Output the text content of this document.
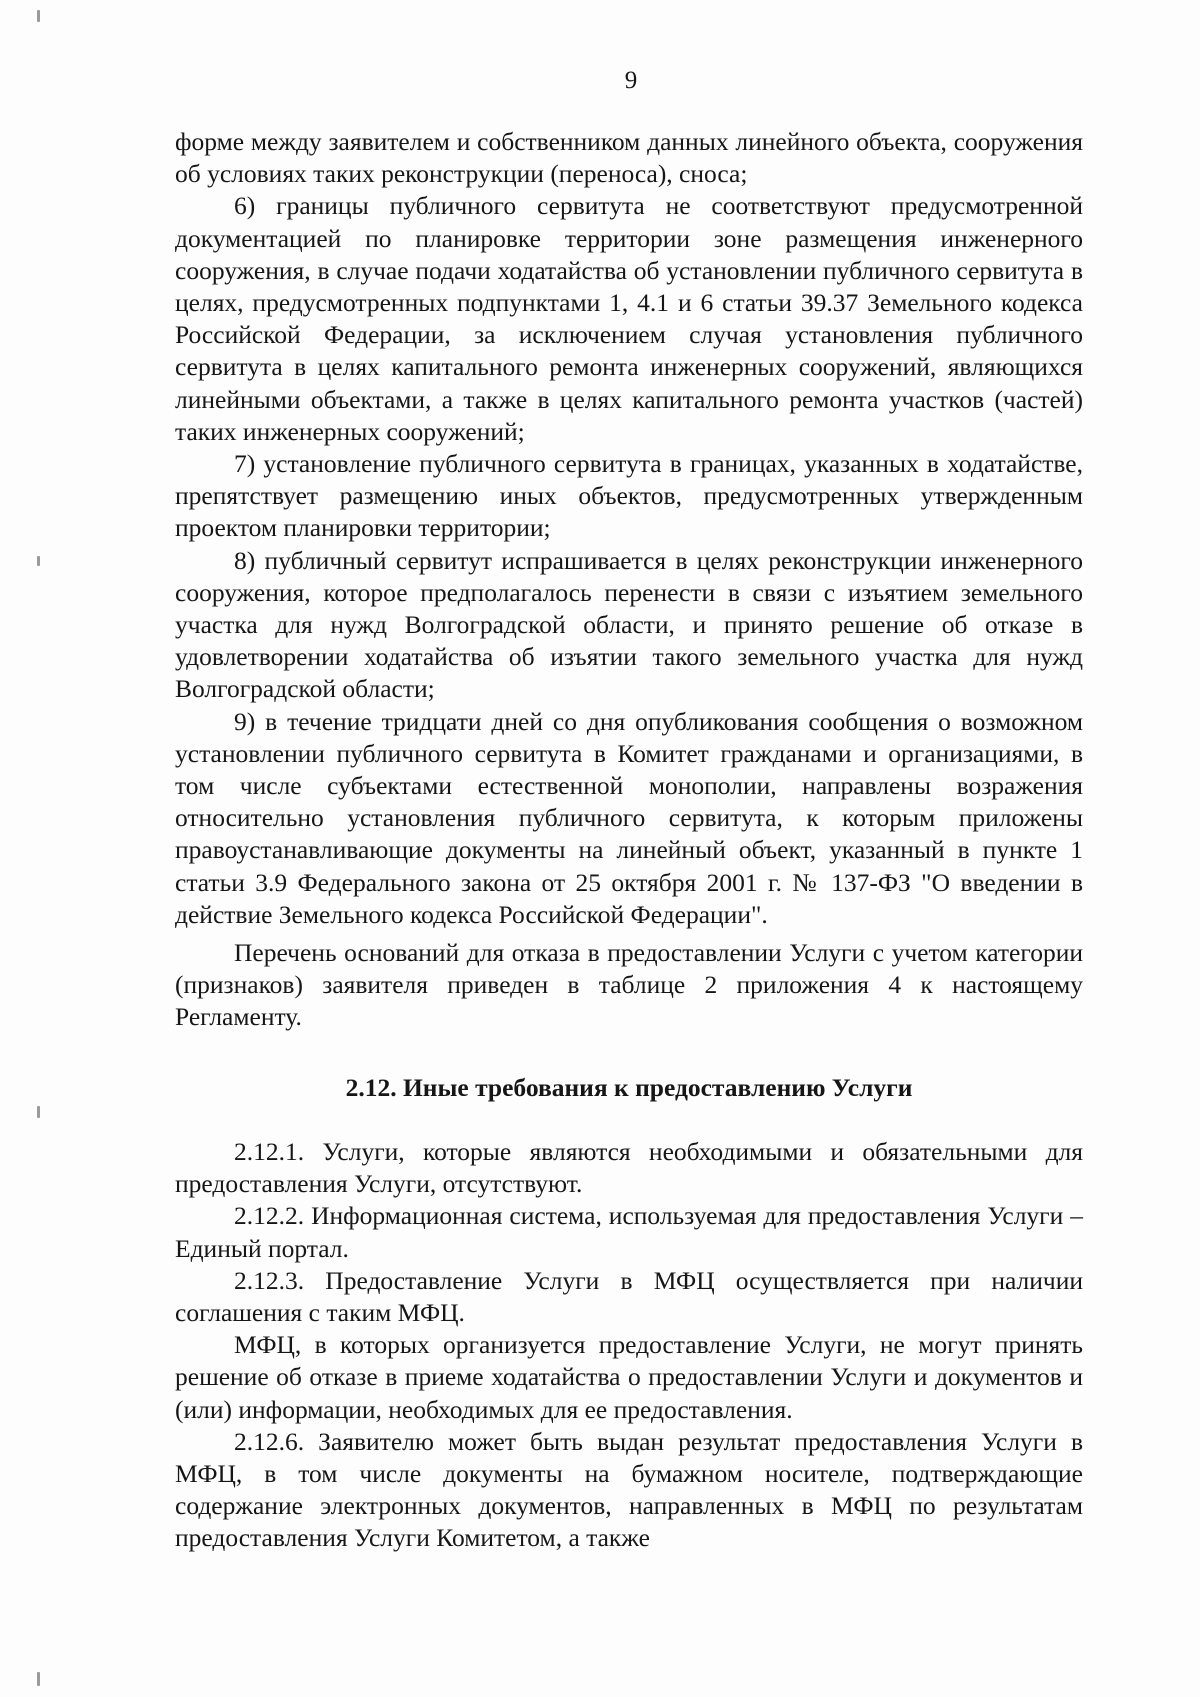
9

форме между заявителем и собственником данных линейного объекта, сооружения об условиях таких реконструкции (переноса), сноса;

6) границы публичного сервитута не соответствуют предусмотренной документацией по планировке территории зоне размещения инженерного сооружения, в случае подачи ходатайства об установлении публичного сервитута в целях, предусмотренных подпунктами 1, 4.1 и 6 статьи 39.37 Земельного кодекса Российской Федерации, за исключением случая установления публичного сервитута в целях капитального ремонта инженерных сооружений, являющихся линейными объектами, а также в целях капитального ремонта участков (частей) таких инженерных сооружений;

7) установление публичного сервитута в границах, указанных в ходатайстве, препятствует размещению иных объектов, предусмотренных утвержденным проектом планировки территории;

8) публичный сервитут испрашивается в целях реконструкции инженерного сооружения, которое предполагалось перенести в связи с изъятием земельного участка для нужд Волгоградской области, и принято решение об отказе в удовлетворении ходатайства об изъятии такого земельного участка для нужд Волгоградской области;

9) в течение тридцати дней со дня опубликования сообщения о возможном установлении публичного сервитута в Комитет гражданами и организациями, в том числе субъектами естественной монополии, направлены возражения относительно установления публичного сервитута, к которым приложены правоустанавливающие документы на линейный объект, указанный в пункте 1 статьи 3.9 Федерального закона от 25 октября 2001 г. № 137-ФЗ "О введении в действие Земельного кодекса Российской Федерации".

Перечень оснований для отказа в предоставлении Услуги с учетом категории (признаков) заявителя приведен в таблице 2 приложения 4 к настоящему Регламенту.

2.12. Иные требования к предоставлению Услуги

2.12.1. Услуги, которые являются необходимыми и обязательными для предоставления Услуги, отсутствуют.

2.12.2. Информационная система, используемая для предоставления Услуги – Единый портал.

2.12.3. Предоставление Услуги в МФЦ осуществляется при наличии соглашения с таким МФЦ.

МФЦ, в которых организуется предоставление Услуги, не могут принять решение об отказе в приеме ходатайства о предоставлении Услуги и документов и (или) информации, необходимых для ее предоставления.

2.12.6. Заявителю может быть выдан результат предоставления Услуги в МФЦ, в том числе документы на бумажном носителе, подтверждающие содержание электронных документов, направленных в МФЦ по результатам предоставления Услуги Комитетом, а также
